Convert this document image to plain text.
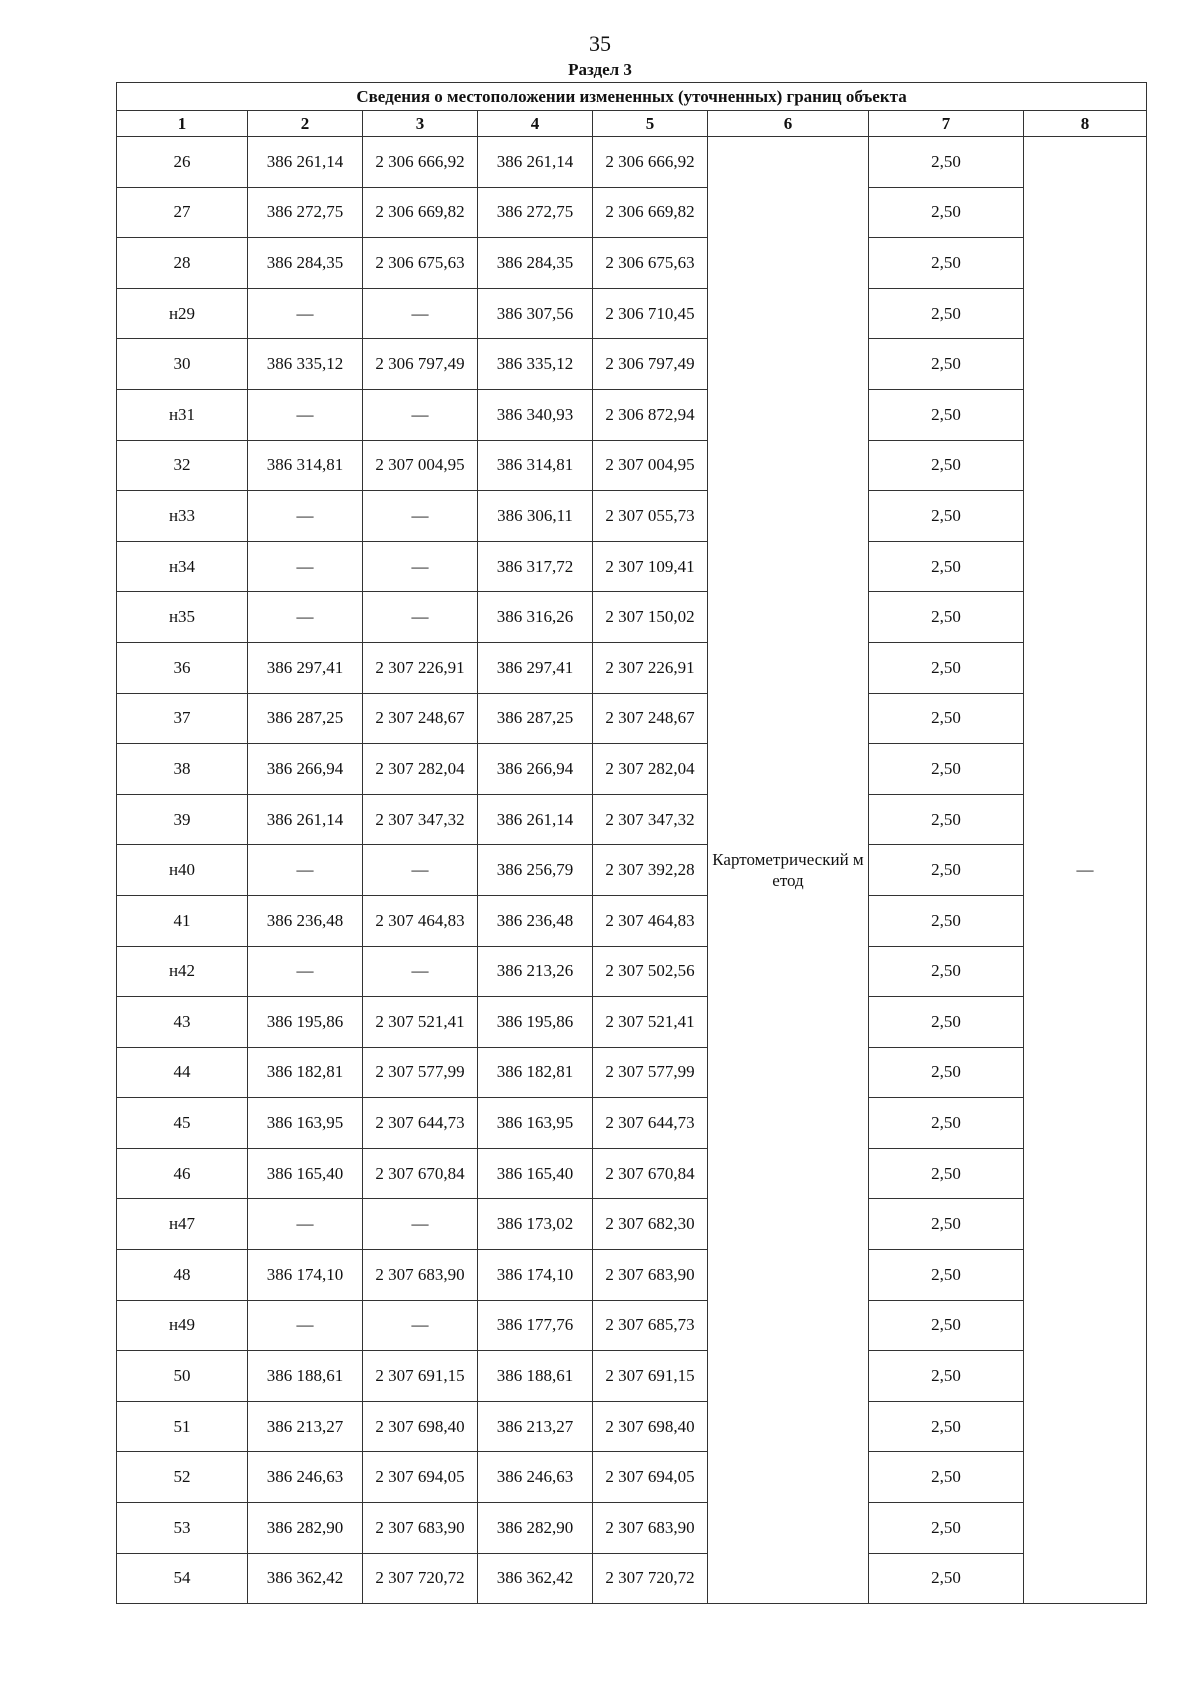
35
Раздел 3
Сведения о местоположении измененных (уточненных) границ объекта							
1	2	3	4	5	6	7	8
26	386 261,14	2 306 666,92	386 261,14	2 306 666,92	Картометрический метод	2,50	—
27	386 272,75	2 306 669,82	386 272,75	2 306 669,82		2,50	
28	386 284,35	2 306 675,63	386 284,35	2 306 675,63		2,50	
н29	—	—	386 307,56	2 306 710,45		2,50	
30	386 335,12	2 306 797,49	386 335,12	2 306 797,49		2,50	
н31	—	—	386 340,93	2 306 872,94		2,50	
32	386 314,81	2 307 004,95	386 314,81	2 307 004,95		2,50	
н33	—	—	386 306,11	2 307 055,73		2,50	
н34	—	—	386 317,72	2 307 109,41		2,50	
н35	—	—	386 316,26	2 307 150,02		2,50	
36	386 297,41	2 307 226,91	386 297,41	2 307 226,91		2,50	
37	386 287,25	2 307 248,67	386 287,25	2 307 248,67		2,50	
38	386 266,94	2 307 282,04	386 266,94	2 307 282,04		2,50	
39	386 261,14	2 307 347,32	386 261,14	2 307 347,32		2,50	
н40	—	—	386 256,79	2 307 392,28		2,50	
41	386 236,48	2 307 464,83	386 236,48	2 307 464,83		2,50	
н42	—	—	386 213,26	2 307 502,56		2,50	
43	386 195,86	2 307 521,41	386 195,86	2 307 521,41		2,50	
44	386 182,81	2 307 577,99	386 182,81	2 307 577,99		2,50	
45	386 163,95	2 307 644,73	386 163,95	2 307 644,73		2,50	
46	386 165,40	2 307 670,84	386 165,40	2 307 670,84		2,50	
н47	—	—	386 173,02	2 307 682,30		2,50	
48	386 174,10	2 307 683,90	386 174,10	2 307 683,90		2,50	
н49	—	—	386 177,76	2 307 685,73		2,50	
50	386 188,61	2 307 691,15	386 188,61	2 307 691,15		2,50	
51	386 213,27	2 307 698,40	386 213,27	2 307 698,40		2,50	
52	386 246,63	2 307 694,05	386 246,63	2 307 694,05		2,50	
53	386 282,90	2 307 683,90	386 282,90	2 307 683,90		2,50	
54	386 362,42	2 307 720,72	386 362,42	2 307 720,72		2,50	
